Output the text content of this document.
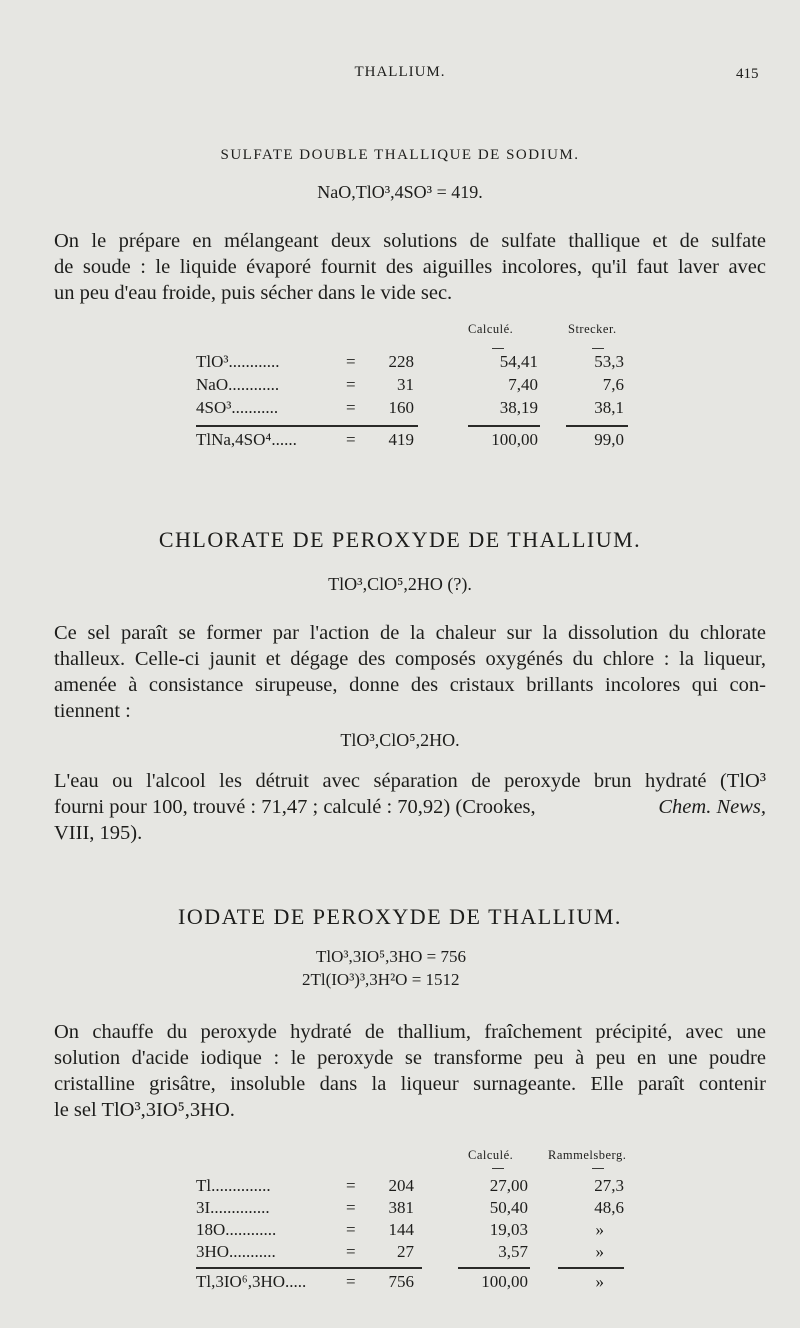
THALLIUM.	415
SULFATE DOUBLE THALLIQUE DE SODIUM.
NaO,TlO³,4SO³ = 419.
On le prépare en mélangeant deux solutions de sulfate thallique et de sulfate
de soude : le liquide évaporé fournit des aiguilles incolores, qu'il faut laver avec
un peu d'eau froide, puis sécher dans le vide sec.
Calculé.	Strecker.
TlO³............	=	228	54,41	53,3
NaO............	=	31	7,40	7,6
4SO³...........	=	160	38,19	38,1
TlNa,4SO⁴......	=	419	100,00	99,0
CHLORATE DE PEROXYDE DE THALLIUM.
TlO³,ClO⁵,2HO (?).
Ce sel paraît se former par l'action de la chaleur sur la dissolution du chlorate
thalleux. Celle-ci jaunit et dégage des composés oxygénés du chlore : la liqueur,
amenée à consistance sirupeuse, donne des cristaux brillants incolores qui con-
tiennent :
TlO³,ClO⁵,2HO.
L'eau ou l'alcool les détruit avec séparation de peroxyde brun hydraté (TlO³
fourni pour 100, trouvé : 71,47 ; calculé : 70,92) (Crookes,	Chem. News,
VIII, 195).
IODATE DE PEROXYDE DE THALLIUM.
TlO³,3IO⁵,3HO = 756
2Tl(IO³)³,3H²O = 1512
On chauffe du peroxyde hydraté de thallium, fraîchement précipité, avec une
solution d'acide iodique : le peroxyde se transforme peu à peu en une poudre
cristalline grisâtre, insoluble dans la liqueur surnageante. Elle paraît contenir
le sel TlO³,3IO⁵,3HO.
Calculé.	Rammelsberg.
Tl..............	=	204	27,00	27,3
3I..............	=	381	50,40	48,6
18O............	=	144	19,03	»
3HO...........	=	27	3,57	»
Tl,3IO⁶,3HO..... =	756	100,00	»
